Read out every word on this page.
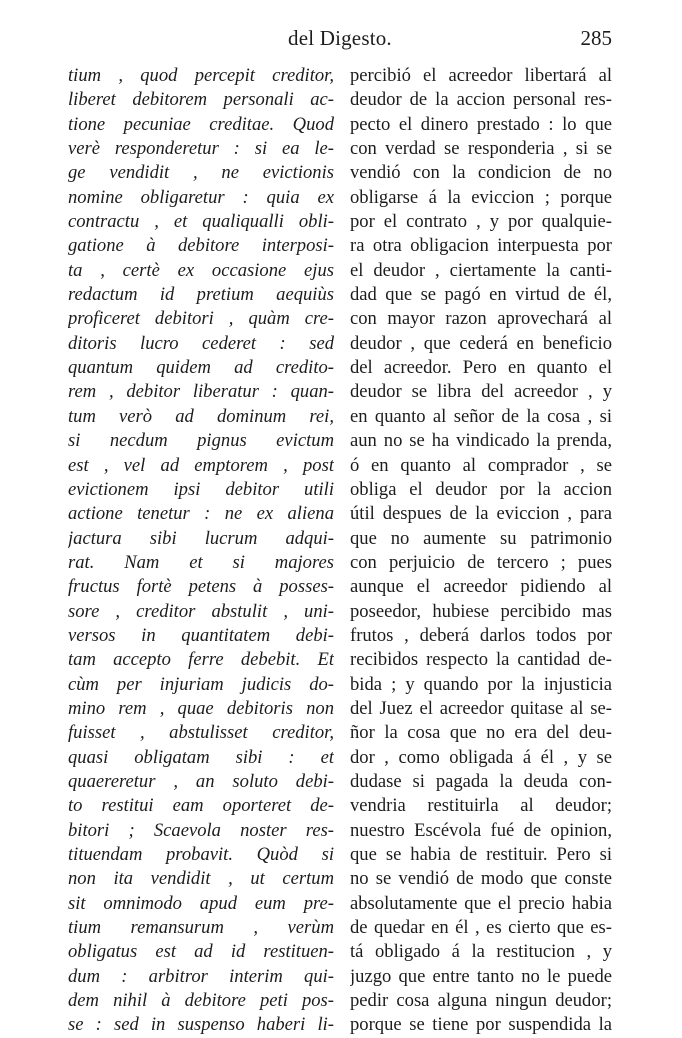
del Digesto.	285
tium , quod percepit creditor,
liberet debitorem personali ac-
tione pecuniae creditae. Quod
verè responderetur : si ea le-
ge vendidit , ne evictionis
nomine obligaretur : quia ex
contractu , et qualiqualli obli-
gatione à debitore interposi-
ta , certè ex occasione ejus
redactum id pretium aequiùs
proficeret debitori , quàm cre-
ditoris lucro cederet : sed
quantum quidem ad credito-
rem , debitor liberatur : quan-
tum verò ad dominum rei,
si necdum pignus evictum
est , vel ad emptorem , post
evictionem ipsi debitor utili
actione tenetur : ne ex aliena
jactura sibi lucrum adqui-
rat. Nam et si majores
fructus fortè petens à posses-
sore , creditor abstulit , uni-
versos in quantitatem debi-
tam accepto ferre debebit. Et
cùm per injuriam judicis do-
mino rem , quae debitoris non
fuisset , abstulisset creditor,
quasi obligatam sibi : et
quaereretur , an soluto debi-
to restitui eam oporteret de-
bitori ; Scaevola noster res-
tituendam probavit. Quòd si
non ita vendidit , ut certum
sit omnimodo apud eum pre-
tium remansurum , verùm
obligatus est ad id restituen-
dum : arbitror interim qui-
dem nihil à debitore peti pos-
se : sed in suspenso haberi li-
percibió el acreedor libertará al
deudor de la accion personal res-
pecto el dinero prestado : lo que
con verdad se responderia , si se
vendió con la condicion de no
obligarse á la eviccion ; porque
por el contrato , y por qualquie-
ra otra obligacion interpuesta por
el deudor , ciertamente la canti-
dad que se pagó en virtud de él,
con mayor razon aprovechará al
deudor , que cederá en beneficio
del acreedor. Pero en quanto el
deudor se libra del acreedor , y
en quanto al señor de la cosa , si
aun no se ha vindicado la prenda,
ó en quanto al comprador , se
obliga el deudor por la accion
útil despues de la eviccion , para
que no aumente su patrimonio
con perjuicio de tercero ; pues
aunque el acreedor pidiendo al
poseedor, hubiese percibido mas
frutos , deberá darlos todos por
recibidos respecto la cantidad de-
bida ; y quando por la injusticia
del Juez el acreedor quitase al se-
ñor la cosa que no era del deu-
dor , como obligada á él , y se
dudase si pagada la deuda con-
vendria restituirla al deudor;
nuestro Escévola fué de opinion,
que se habia de restituir. Pero si
no se vendió de modo que conste
absolutamente que el precio habia
de quedar en él , es cierto que es-
tá obligado á la restitucion , y
juzgo que entre tanto no le puede
pedir cosa alguna ningun deudor;
porque se tiene por suspendida la
